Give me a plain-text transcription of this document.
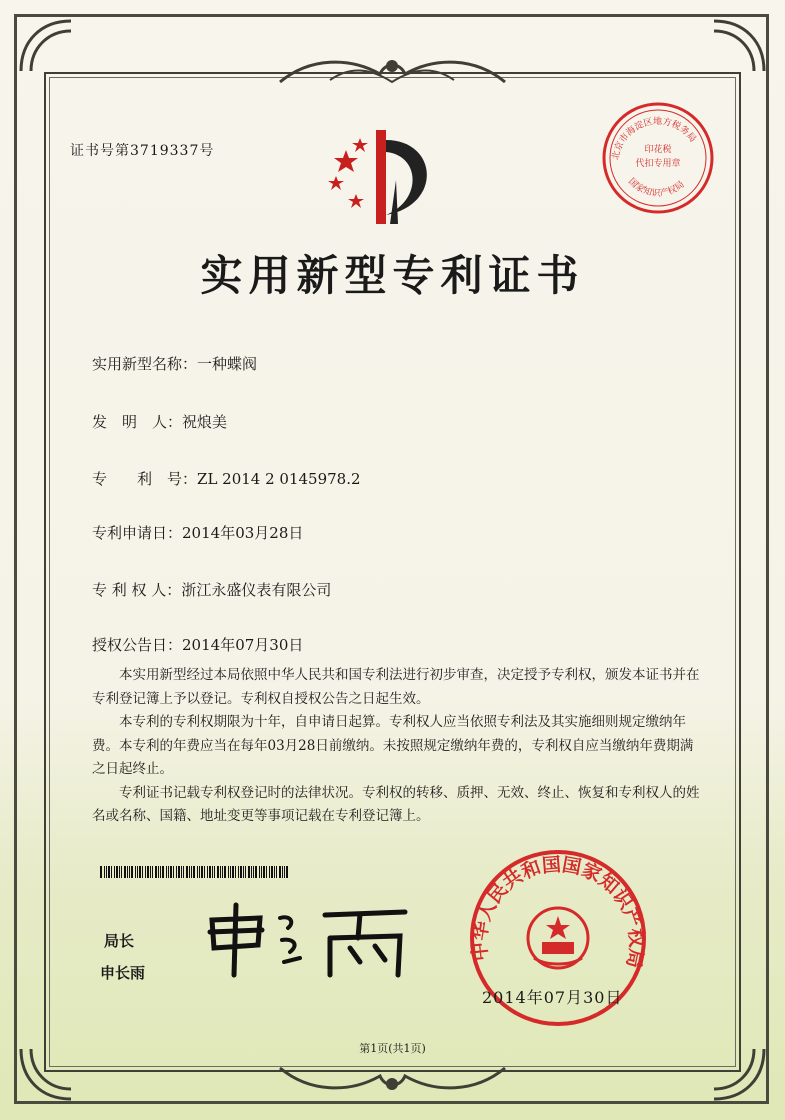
证书号第3719337号
实用新型专利证书
北京市海淀区地方税务局
印花税
代扣专用章
国家知识产权局
实用新型名称：一种蝶阀
发　明　人：祝烺美
专　　利　号：ZL 2014 2 0145978.2
专利申请日：2014年03月28日
专 利 权 人：浙江永盛仪表有限公司
授权公告日：2014年07月30日

本实用新型经过本局依照中华人民共和国专利法进行初步审查，决定授予专利权，颁发本证书并在专利登记簿上予以登记。专利权自授权公告之日起生效。

本专利的专利权期限为十年，自申请日起算。专利权人应当依照专利法及其实施细则规定缴纳年费。本专利的年费应当在每年03月28日前缴纳。未按照规定缴纳年费的，专利权自应当缴纳年费期满之日起终止。

专利证书记载专利权登记时的法律状况。专利权的转移、质押、无效、终止、恢复和专利权人的姓名或名称、国籍、地址变更等事项记载在专利登记簿上。

局长
申长雨
中华人民共和国国家知识产权局
2014年07月30日
第1页(共1页)
